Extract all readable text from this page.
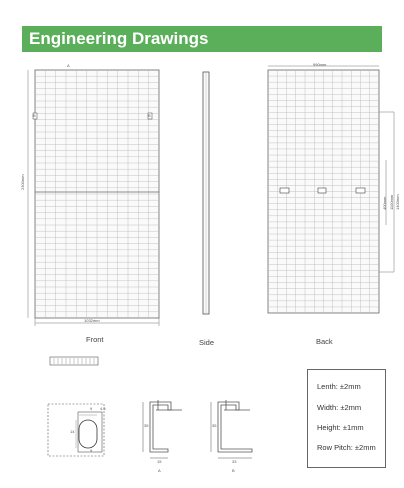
Engineering Drawings
A
2300mm
1032mm
B	B
990mm
400mm 1100mm 1400mm
9 4.5
14
9
35
15
A
35
33
B
Front	Side	Back
Lenth: ±2mm
Width: ±2mm
Height: ±1mm
Row Pitch: ±2mm
